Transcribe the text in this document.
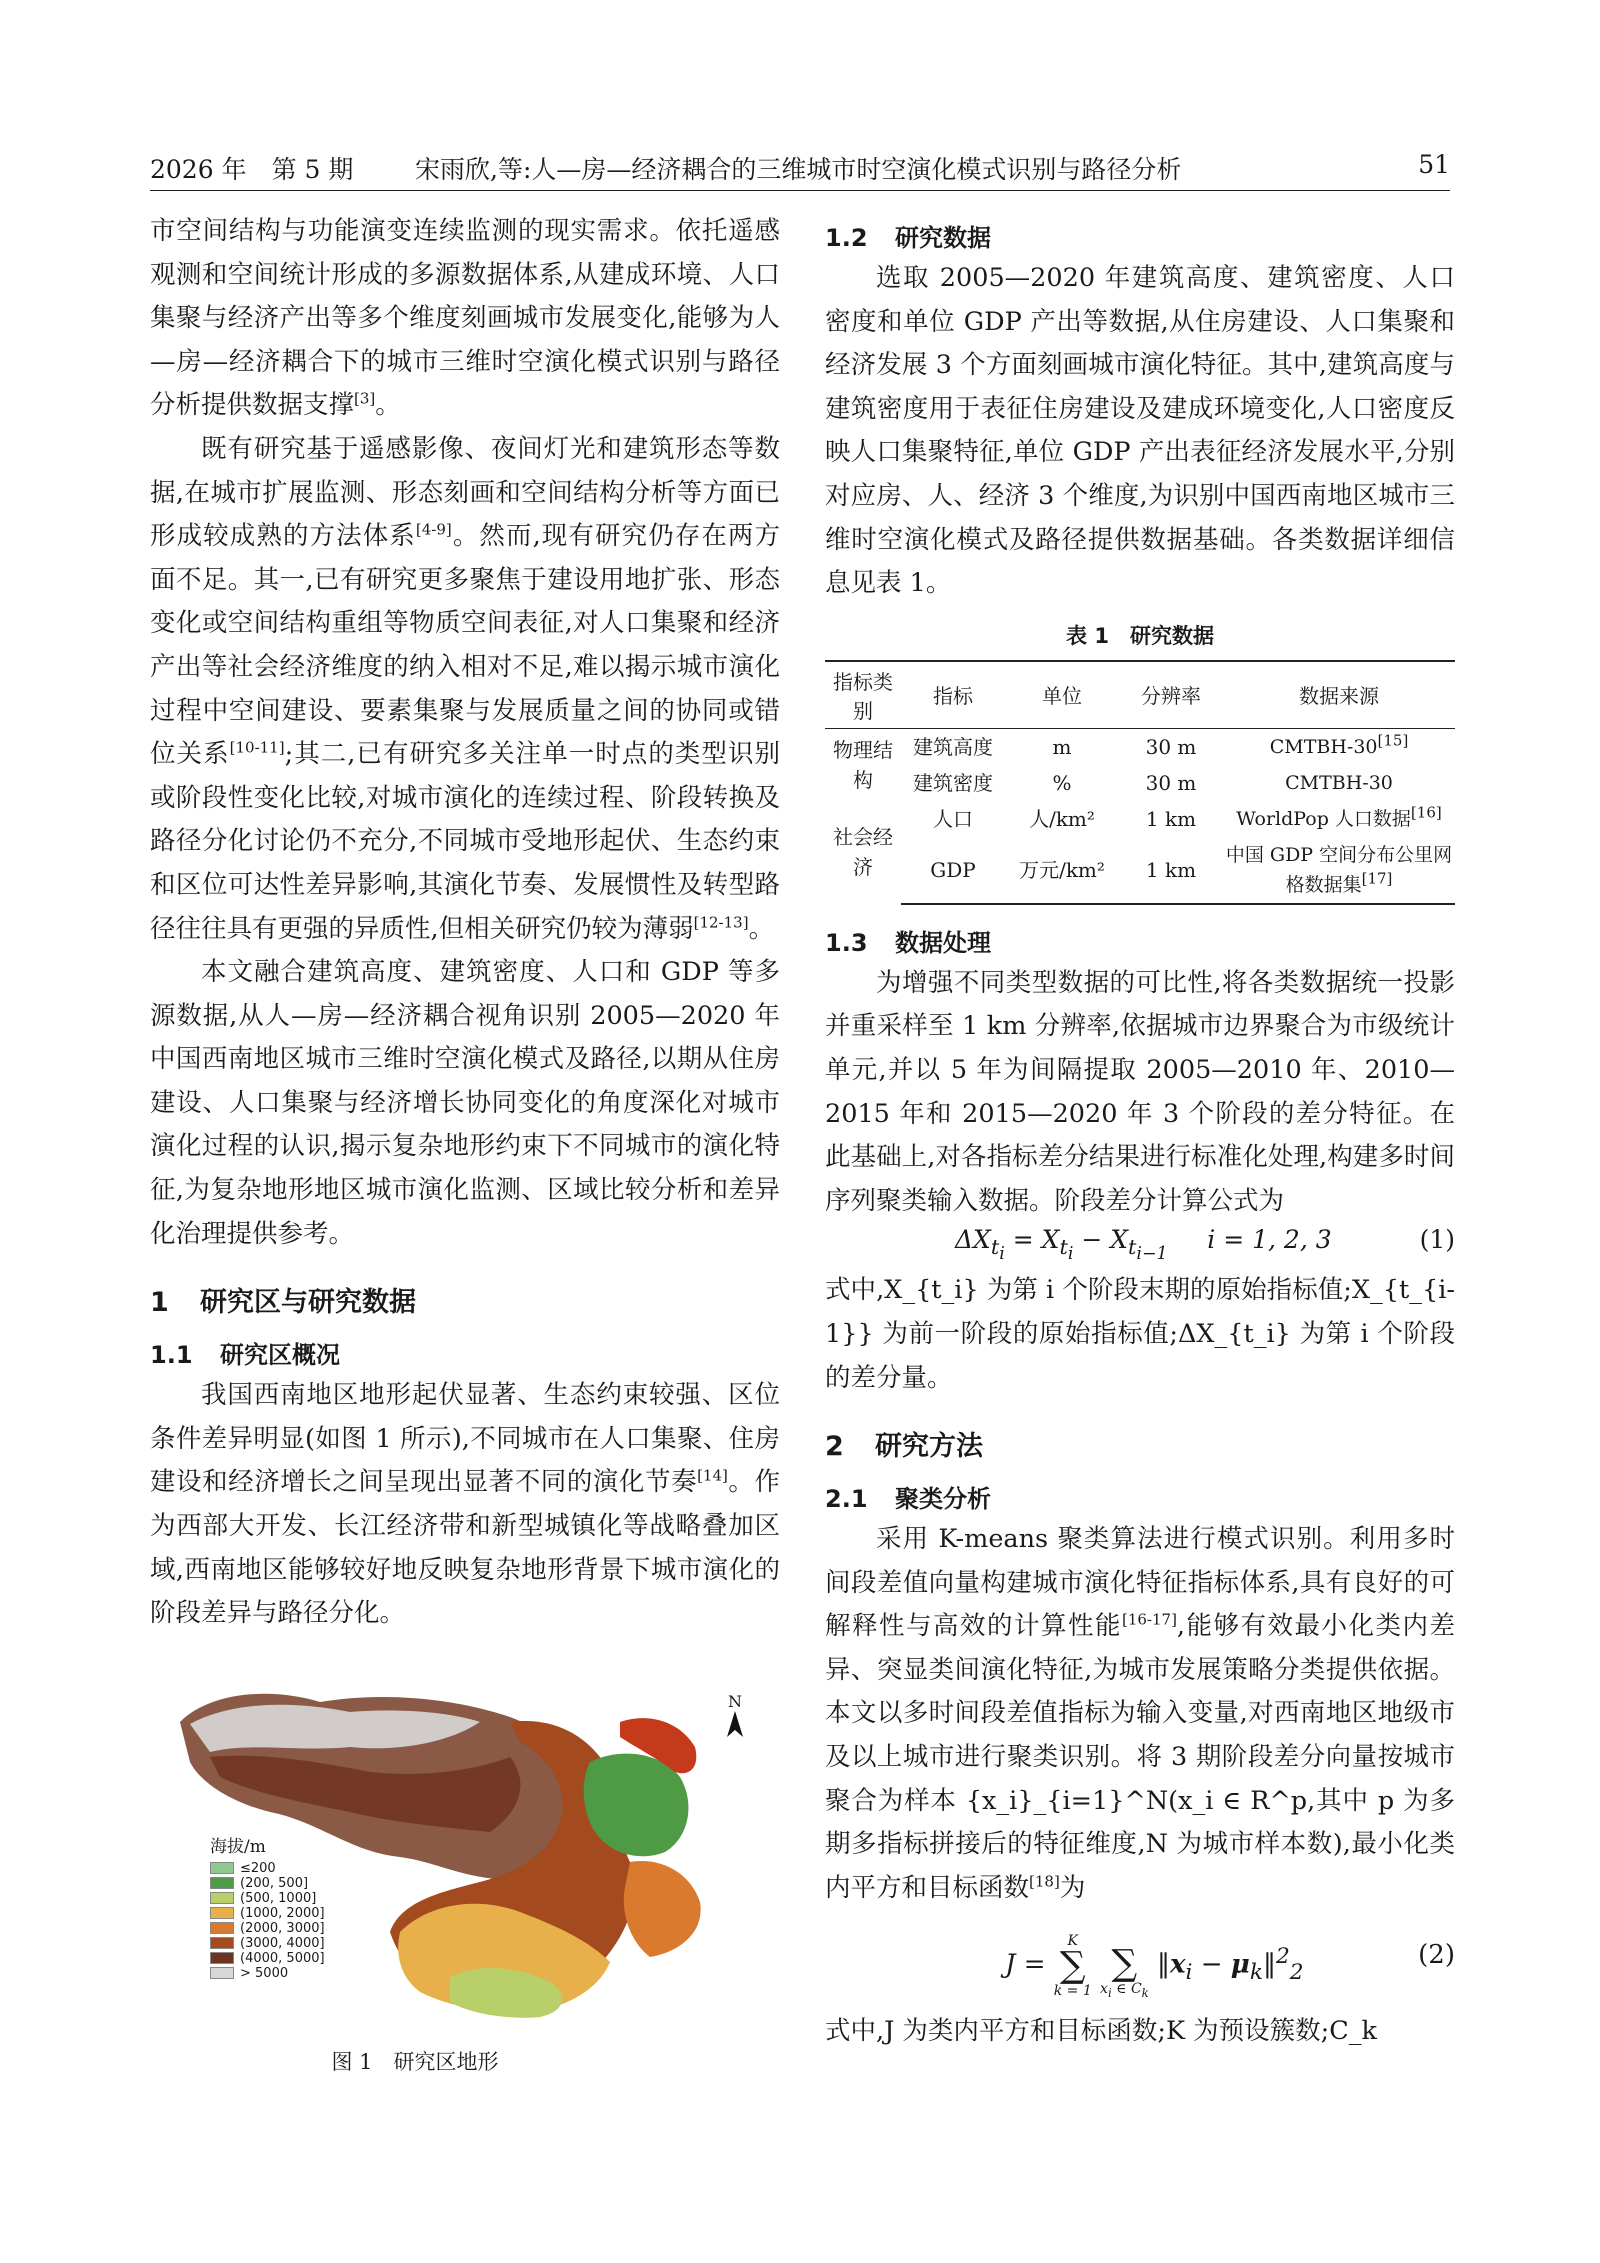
2026 年　第 5 期 宋雨欣,等:人—房—经济耦合的三维城市时空演化模式识别与路径分析	51

市空间结构与功能演变连续监测的现实需求。依托遥感观测和空间统计形成的多源数据体系,从建成环境、人口集聚与经济产出等多个维度刻画城市发展变化,能够为人—房—经济耦合下的城市三维时空演化模式识别与路径分析提供数据支撑[3]。

既有研究基于遥感影像、夜间灯光和建筑形态等数据,在城市扩展监测、形态刻画和空间结构分析等方面已形成较成熟的方法体系[4-9]。然而,现有研究仍存在两方面不足。其一,已有研究更多聚焦于建设用地扩张、形态变化或空间结构重组等物质空间表征,对人口集聚和经济产出等社会经济维度的纳入相对不足,难以揭示城市演化过程中空间建设、要素集聚与发展质量之间的协同或错位关系[10-11];其二,已有研究多关注单一时点的类型识别或阶段性变化比较,对城市演化的连续过程、阶段转换及路径分化讨论仍不充分,不同城市受地形起伏、生态约束和区位可达性差异影响,其演化节奏、发展惯性及转型路径往往具有更强的异质性,但相关研究仍较为薄弱[12-13]。

本文融合建筑高度、建筑密度、人口和 GDP 等多源数据,从人—房—经济耦合视角识别 2005—2020 年中国西南地区城市三维时空演化模式及路径,以期从住房建设、人口集聚与经济增长协同变化的角度深化对城市演化过程的认识,揭示复杂地形约束下不同城市的演化特征,为复杂地形地区城市演化监测、区域比较分析和差异化治理提供参考。

1 研究区与研究数据
1.1 研究区概况

我国西南地区地形起伏显著、生态约束较强、区位条件差异明显(如图 1 所示),不同城市在人口集聚、住房建设和经济增长之间呈现出显著不同的演化节奏[14]。作为西部大开发、长江经济带和新型城镇化等战略叠加区域,西南地区能够较好地反映复杂地形背景下城市演化的阶段差异与路径分化。

N
海拔/m
≤200
(200, 500]
(500, 1000]
(1000, 2000]
(2000, 3000]
(3000, 4000]
(4000, 5000]
> 5000
图 1　研究区地形
1.2 研究数据

选取 2005—2020 年建筑高度、建筑密度、人口密度和单位 GDP 产出等数据,从住房建设、人口集聚和经济发展 3 个方面刻画城市演化特征。其中,建筑高度与建筑密度用于表征住房建设及建成环境变化,人口密度反映人口集聚特征,单位 GDP 产出表征经济发展水平,分别对应房、人、经济 3 个维度,为识别中国西南地区城市三维时空演化模式及路径提供数据基础。各类数据详细信息见表 1。

表 1　研究数据
指标类别	指标	单位	分辨率	数据来源
物理结构	建筑高度	m	30 m	CMTBH-30[15]
	建筑密度	%	30 m	CMTBH-30
社会经济	人口	人/km²	1 km	WorldPop 人口数据[16]
	GDP	万元/km²	1 km	中国 GDP 空间分布公里网格数据集[17]
1.3 数据处理

为增强不同类型数据的可比性,将各类数据统一投影并重采样至 1 km 分辨率,依据城市边界聚合为市级统计单元,并以 5 年为间隔提取 2005—2010 年、2010—2015 年和 2015—2020 年 3 个阶段的差分特征。在此基础上,对各指标差分结果进行标准化处理,构建多时间序列聚类输入数据。阶段差分计算公式为

$\Delta X_{t_i} = X_{t_i} - X_{t_{i-1}}$     i = 1, 2, 3	(1)

式中,X_{t_i} 为第 i 个阶段末期的原始指标值;X_{t_{i-1}} 为前一阶段的原始指标值;ΔX_{t_i} 为第 i 个阶段的差分量。

2 研究方法
2.1 聚类分析

采用 K-means 聚类算法进行模式识别。利用多时间段差值向量构建城市演化特征指标体系,具有良好的可解释性与高效的计算性能[16-17],能够有效最小化类内差异、突显类间演化特征,为城市发展策略分类提供依据。本文以多时间段差值指标为输入变量,对西南地区地级市及以上城市进行聚类识别。将 3 期阶段差分向量按城市聚合为样本 {x_i}_{i=1}^N(x_i ∈ R^p,其中 p 为多期多指标拼接后的特征维度,N 为城市样本数),最小化类内平方和目标函数[18]为

J =
K
∑
k = 1

∑
$x_i$ ∈ $C_k$
$‖x_i$ − $\mu_k‖^2_2$
(2)

式中,J 为类内平方和目标函数;K 为预设簇数;C_k
